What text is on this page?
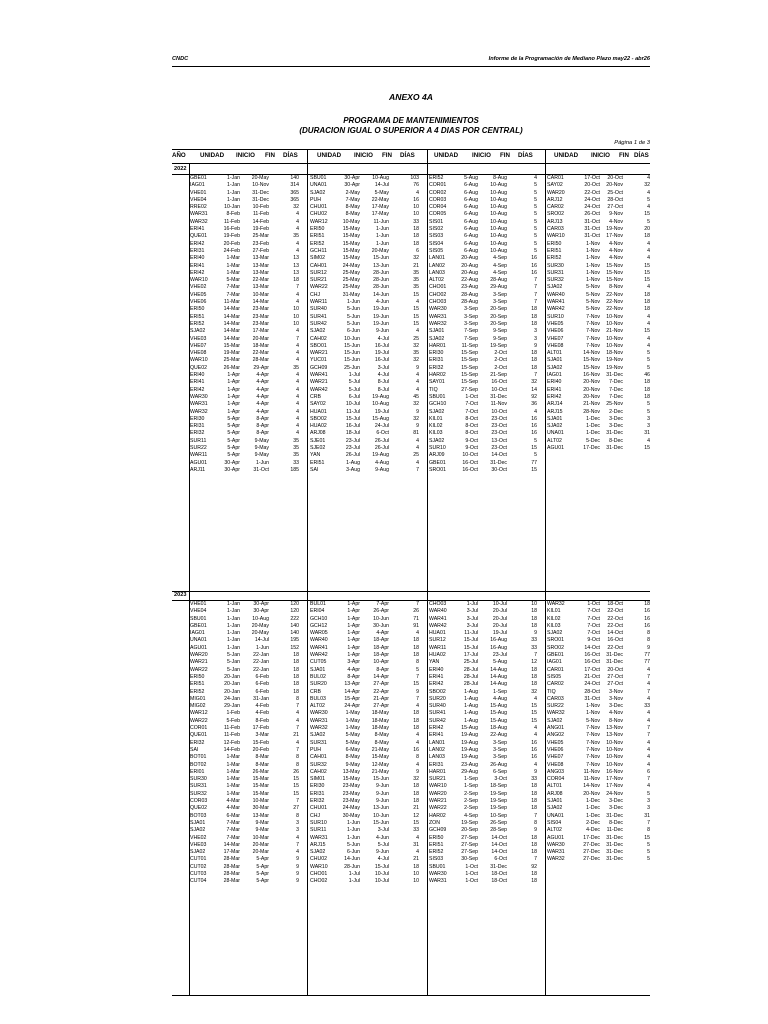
CNDC	Informe de la Programación de Mediano Plazo may22 - abr26
ANEXO 4A
PROGRAMA DE MANTENIMIENTOS
(DURACION IGUAL O SUPERIOR A 4 DIAS POR CENTRAL)
Página 1 de 3
AÑO UNIDAD INICIO FIN DÍAS	UNIDAD INICIO FIN DÍAS	UNIDAD INICIO FIN DÍAS	UNIDAD INICIO FIN DÍAS
2022
2023
GBE01	1-Jan 20-May	140
IAG01	1-Jan 10-Nov	314
VHE01	1-Jan 31-Dec	365
VHE04	1-Jan 31-Dec	365
RRE02	10-Jan 10-Feb	32
WAR31	8-Feb 11-Feb	4
WAR32	11-Feb 14-Feb	4
ERI41	16-Feb 19-Feb	4
QUE01	19-Feb 25-Mar	35
ERI42	20-Feb 23-Feb	4
ERI31	24-Feb 27-Feb	4
ERI40	1-Mar 13-Mar	13
ERI41	1-Mar 13-Mar	13
ERI42	1-Mar 13-Mar	13
WAR10	5-Mar 22-Mar	18
VHE02	7-Mar 13-Mar	7
VHE05	7-Mar 10-Mar	4
VHE06	11-Mar 14-Mar	4
ERI50	14-Mar 23-Mar	10
ERI51	14-Mar 23-Mar	10
ERI52	14-Mar 23-Mar	10
SJA02	14-Mar 17-Mar	4
VHE03	14-Mar 20-Mar	7
VHE07	15-Mar 18-Mar	4
VHE08	19-Mar 22-Mar	4
WAR10	25-Mar 28-Mar	4
QUE02	26-Mar	29-Apr	35
ERI40	1-Apr	4-Apr	4
ERI41	1-Apr	4-Apr	4
ERI42	1-Apr	4-Apr	4
WAR30	1-Apr	4-Apr	4
WAR31	1-Apr	4-Apr	4
WAR32	1-Apr	4-Apr	4
ERI30	5-Apr	8-Apr	4
ERI31	5-Apr	8-Apr	4
ERI32	5-Apr	8-Apr	4
SUR11	5-Apr	9-May	35
SUR22	5-Apr	9-May	35
WAR11	5-Apr	9-May	35
AGU01	30-Apr	1-Jun	33
ARJ11	30-Apr	31-Oct	185
SBU01	30-Apr 10-Aug	103
UNA01	30-Apr	14-Jul	76
SJA02	2-May	5-May	4
PUH	7-May 22-May	16
CHU01	8-May 17-May	10
CHU02	8-May 17-May	10
WAR12	10-May	11-Jun	33
ERI50	15-May	1-Jun	18
ERI51	15-May	1-Jun	18
ERI52	15-May	1-Jun	18
GCH11	15-May 20-May	6
SIM02	15-May	15-Jun	32
CAH01	24-May	13-Jun	21
SUR12	25-May	28-Jun	35
SUR21	25-May	28-Jun	35
WAR22	25-May	28-Jun	35
CHJ	31-May	14-Jun	15
WAR11	1-Jun	4-Jun	4
SUR40	5-Jun	19-Jun	15
SUR41	5-Jun	19-Jun	15
SUR42	5-Jun	19-Jun	15
SJA02	6-Jun	9-Jun	4
CAH02	10-Jun	4-Jul	25
SBO01	15-Jun	16-Jul	32
WAR21	15-Jun	19-Jul	35
YUC01	15-Jun	16-Jul	32
GCH09	25-Jun	3-Jul	9
WAR41	1-Jul	4-Jul	4
WAR21	5-Jul	8-Jul	4
WAR42	5-Jul	8-Jul	4
CRB	6-Jul 19-Aug	45
SAY02	10-Jul 10-Aug	32
HUA01	11-Jul	19-Jul	9
SBO02	15-Jul 15-Aug	32
HUA02	16-Jul	24-Jul	9
ARJ08	18-Jul	6-Oct	81
SJE01	23-Jul	26-Jul	4
SJE02	23-Jul	26-Jul	4
YAN	26-Jul 19-Aug	25
ERI51	1-Aug	4-Aug	4
SAI	3-Aug	9-Aug	7
ERI52	5-Aug	8-Aug	4
COR01	6-Aug 10-Aug	5
COR02	6-Aug 10-Aug	5
COR03	6-Aug 10-Aug	5
COR04	6-Aug 10-Aug	5
COR05	6-Aug 10-Aug	5
SIS01	6-Aug 10-Aug	5
SIS02	6-Aug 10-Aug	5
SIS03	6-Aug 10-Aug	5
SIS04	6-Aug 10-Aug	5
SIS05	6-Aug 10-Aug	5
LAN01	20-Aug	4-Sep	16
LAN02	20-Aug	4-Sep	16
LAN03	20-Aug	4-Sep	16
ALT02	22-Aug 28-Aug	7
CHO01	23-Aug 29-Aug	7
CHO02	28-Aug	3-Sep	7
CHO03	28-Aug	3-Sep	7
WAR30	3-Sep 20-Sep	18
WAR31	3-Sep 20-Sep	18
WAR32	3-Sep 20-Sep	18
SJA01	7-Sep	9-Sep	3
SJA02	7-Sep	9-Sep	3
HAR01	11-Sep 19-Sep	9
ERI30	15-Sep	2-Oct	18
ERI31	15-Sep	2-Oct	18
ERI32	15-Sep	2-Oct	18
HAR02	15-Sep 21-Sep	7
SAY01	15-Sep	16-Oct	32
TIQ	27-Sep	10-Oct	14
SBU01	1-Oct 31-Dec	92
GCH10	7-Oct 11-Nov	36
SJA02	7-Oct	10-Oct	4
KIL01	8-Oct	23-Oct	16
KIL02	8-Oct	23-Oct	16
KIL03	8-Oct	23-Oct	16
SJA02	9-Oct	13-Oct	5
SUR10	9-Oct	23-Oct	15
ARJ09	10-Oct	14-Oct	5
GBE01	16-Oct 31-Dec	77
SRO01	16-Oct	30-Oct	15
CAR01	17-Oct 20-Oct	4
SAY02	20-Oct 20-Nov	32
WAR20	22-Oct 25-Oct	4
ARJ12	24-Oct 28-Oct	5
CAR02	24-Oct 27-Oct	4
SRO02	26-Oct 9-Nov	15
ARJ13	31-Oct 4-Nov	5
CAR03	31-Oct 19-Nov	20
WAR10	31-Oct 17-Nov	18
ERI50	1-Nov 4-Nov	4
ERI51	1-Nov 4-Nov	4
ERI52	1-Nov 4-Nov	4
SUR30	1-Nov 15-Nov	15
SUR31	1-Nov 15-Nov	15
SUR32	1-Nov 15-Nov	15
SJA02	5-Nov 8-Nov	4
WAR40	5-Nov 22-Nov	18
WAR41	5-Nov 22-Nov	18
WAR42	5-Nov 22-Nov	18
SUR10	7-Nov 10-Nov	4
VHE05	7-Nov 10-Nov	4
VHE06	7-Nov 21-Nov	15
VHE07	7-Nov 10-Nov	4
VHE08	7-Nov 10-Nov	4
ALT01	14-Nov 18-Nov	5
SJA01	15-Nov 19-Nov	5
SJA02	15-Nov 19-Nov	5
IAG01	16-Nov 31-Dec	46
ERI40	20-Nov 7-Dec	18
ERI41	20-Nov 7-Dec	18
ERI42	20-Nov 7-Dec	18
ARJ14	21-Nov 25-Nov	5
ARJ15	28-Nov 2-Dec	5
SJA01	1-Dec 3-Dec	3
SJA02	1-Dec 3-Dec	3
UNA01	1-Dec 31-Dec	31
ALT02	5-Dec 8-Dec	4
AGU01	17-Dec 31-Dec	15
VHE01	1-Jan	30-Apr	120
VHE04	1-Jan	30-Apr	120
SBU01	1-Jan 10-Aug	222
GBE01	1-Jan 20-May	140
IAG01	1-Jan 20-May	140
UNA01	1-Jan	14-Jul	195
AGU01	1-Jan	1-Jun	152
WAR20	5-Jan	22-Jan	18
WAR21	5-Jan	22-Jan	18
WAR22	5-Jan	22-Jan	18
ERI50	20-Jan	6-Feb	18
ERI51	20-Jan	6-Feb	18
ERI52	20-Jan	6-Feb	18
MIG01	24-Jan	31-Jan	8
MIG02	29-Jan	4-Feb	7
WAR12	1-Feb	4-Feb	4
WAR22	5-Feb	8-Feb	4
COR01	11-Feb 17-Feb	7
QUE01	11-Feb	3-Mar	21
ERI32	12-Feb 15-Feb	4
SAI	14-Feb 20-Feb	7
BOT01	1-Mar	8-Mar	8
BOT02	1-Mar	8-Mar	8
ERI01	1-Mar 26-Mar	26
SUR30	1-Mar 15-Mar	15
SUR31	1-Mar 15-Mar	15
SUR32	1-Mar 15-Mar	15
COR03	4-Mar 10-Mar	7
QUE02	4-Mar 30-Mar	27
BOT03	6-Mar 13-Mar	8
SJA01	7-Mar	9-Mar	3
SJA02	7-Mar	9-Mar	3
VHE02	7-Mar 10-Mar	4
VHE03	14-Mar 20-Mar	7
SJA02	17-Mar 20-Mar	4
CUT01	28-Mar	5-Apr	9
CUT02	28-Mar	5-Apr	9
CUT03	28-Mar	5-Apr	9
CUT04	28-Mar	5-Apr	9
BUL01	1-Apr	7-Apr	7
ERI04	1-Apr	26-Apr	26
GCH10	1-Apr	10-Jun	71
GCH12	1-Apr	30-Jun	91
WAR05	1-Apr	4-Apr	4
WAR40	1-Apr	18-Apr	18
WAR41	1-Apr	18-Apr	18
WAR42	1-Apr	18-Apr	18
CUT05	3-Apr	10-Apr	8
SJA01	4-Apr	8-Apr	5
BUL02	8-Apr	14-Apr	7
SUR20	13-Apr	27-Apr	15
CRB	14-Apr	22-Apr	9
BUL03	15-Apr	21-Apr	7
ALT02	24-Apr	27-Apr	4
WAR30	1-May 18-May	18
WAR31	1-May 18-May	18
WAR32	1-May 18-May	18
SJA02	5-May	8-May	4
SUR31	5-May	8-May	4
PUH	6-May 21-May	16
CAH01	8-May 15-May	8
SUR32	9-May 12-May	4
CAH02	13-May 21-May	9
SIM01	15-May	15-Jun	32
ERI30	23-May	9-Jun	18
ERI31	23-May	9-Jun	18
ERI32	23-May	9-Jun	18
CHU01	24-May	13-Jun	21
CHJ	30-May	10-Jun	12
SUR10	1-Jun	15-Jun	15
SUR11	1-Jun	3-Jul	33
WAR31	1-Jun	4-Jun	4
ARJ15	5-Jun	5-Jul	31
SJA02	6-Jun	9-Jun	4
CHU02	14-Jun	4-Jul	21
WAR10	28-Jun	15-Jul	18
CHO01	1-Jul	10-Jul	10
CHO02	1-Jul	10-Jul	10
CHO03	1-Jul	10-Jul	10
WAR40	3-Jul	20-Jul	18
WAR41	3-Jul	20-Jul	18
WAR42	3-Jul	20-Jul	18
HUA01	11-Jul	19-Jul	9
SUR12	15-Jul 16-Aug	33
WAR11	15-Jul 16-Aug	33
HUA02	17-Jul	23-Jul	7
YAN	25-Jul	5-Aug	12
ERI40	28-Jul 14-Aug	18
ERI41	28-Jul 14-Aug	18
ERI42	28-Jul 14-Aug	18
SBO02	1-Aug	1-Sep	32
SUR20	1-Aug	4-Aug	4
SUR40	1-Aug 15-Aug	15
SUR41	1-Aug 15-Aug	15
SUR42	1-Aug 15-Aug	15
ERI42	15-Aug 18-Aug	4
ERI41	19-Aug 22-Aug	4
LAN01	19-Aug	3-Sep	16
LAN02	19-Aug	3-Sep	16
LAN03	19-Aug	3-Sep	16
ERI31	23-Aug 26-Aug	4
HAR01	29-Aug	6-Sep	9
SUR21	1-Sep	3-Oct	33
WAR10	1-Sep 18-Sep	18
WAR20	2-Sep 19-Sep	18
WAR21	2-Sep 19-Sep	18
WAR22	2-Sep 19-Sep	18
HAR02	4-Sep 10-Sep	7
ZON	19-Sep 26-Sep	8
GCH09	20-Sep 28-Sep	9
ERI50	27-Sep	14-Oct	18
ERI51	27-Sep	14-Oct	18
ERI52	27-Sep	14-Oct	18
SIS03	30-Sep	6-Oct	7
SBU01	1-Oct 31-Dec	92
WAR30	1-Oct	18-Oct	18
WAR31	1-Oct	18-Oct	18
WAR32	1-Oct 18-Oct	18
KIL01	7-Oct 22-Oct	16
KIL02	7-Oct 22-Oct	16
KIL03	7-Oct 22-Oct	16
SJA02	7-Oct 14-Oct	8
SRO01	9-Oct 16-Oct	8
SRO02	14-Oct 22-Oct	9
GBE01	16-Oct 31-Dec	77
IAG01	16-Oct 31-Dec	77
CAR01	17-Oct 20-Oct	4
SIS05	21-Oct 27-Oct	7
CAR02	24-Oct 27-Oct	4
TIQ	28-Oct 3-Nov	7
CAR03	31-Oct 3-Nov	4
SUR22	1-Nov 3-Dec	33
WAR32	1-Nov 4-Nov	4
SJA02	5-Nov 8-Nov	4
ANG01	7-Nov 13-Nov	7
ANG02	7-Nov 13-Nov	7
VHE05	7-Nov 10-Nov	4
VHE06	7-Nov 10-Nov	4
VHE07	7-Nov 10-Nov	4
VHE08	7-Nov 10-Nov	4
ANG03	11-Nov 16-Nov	6
COR04	11-Nov 17-Nov	7
ALT01	14-Nov 17-Nov	4
ARJ08	20-Nov 24-Nov	5
SJA01	1-Dec 3-Dec	3
SJA02	1-Dec 3-Dec	3
UNA01	1-Dec 31-Dec	31
SIS04	2-Dec 8-Dec	7
ALT02	4-Dec 11-Dec	8
AGU01	17-Dec 31-Dec	15
WAR30	27-Dec 31-Dec	5
WAR31	27-Dec 31-Dec	5
WAR32	27-Dec 31-Dec	5
